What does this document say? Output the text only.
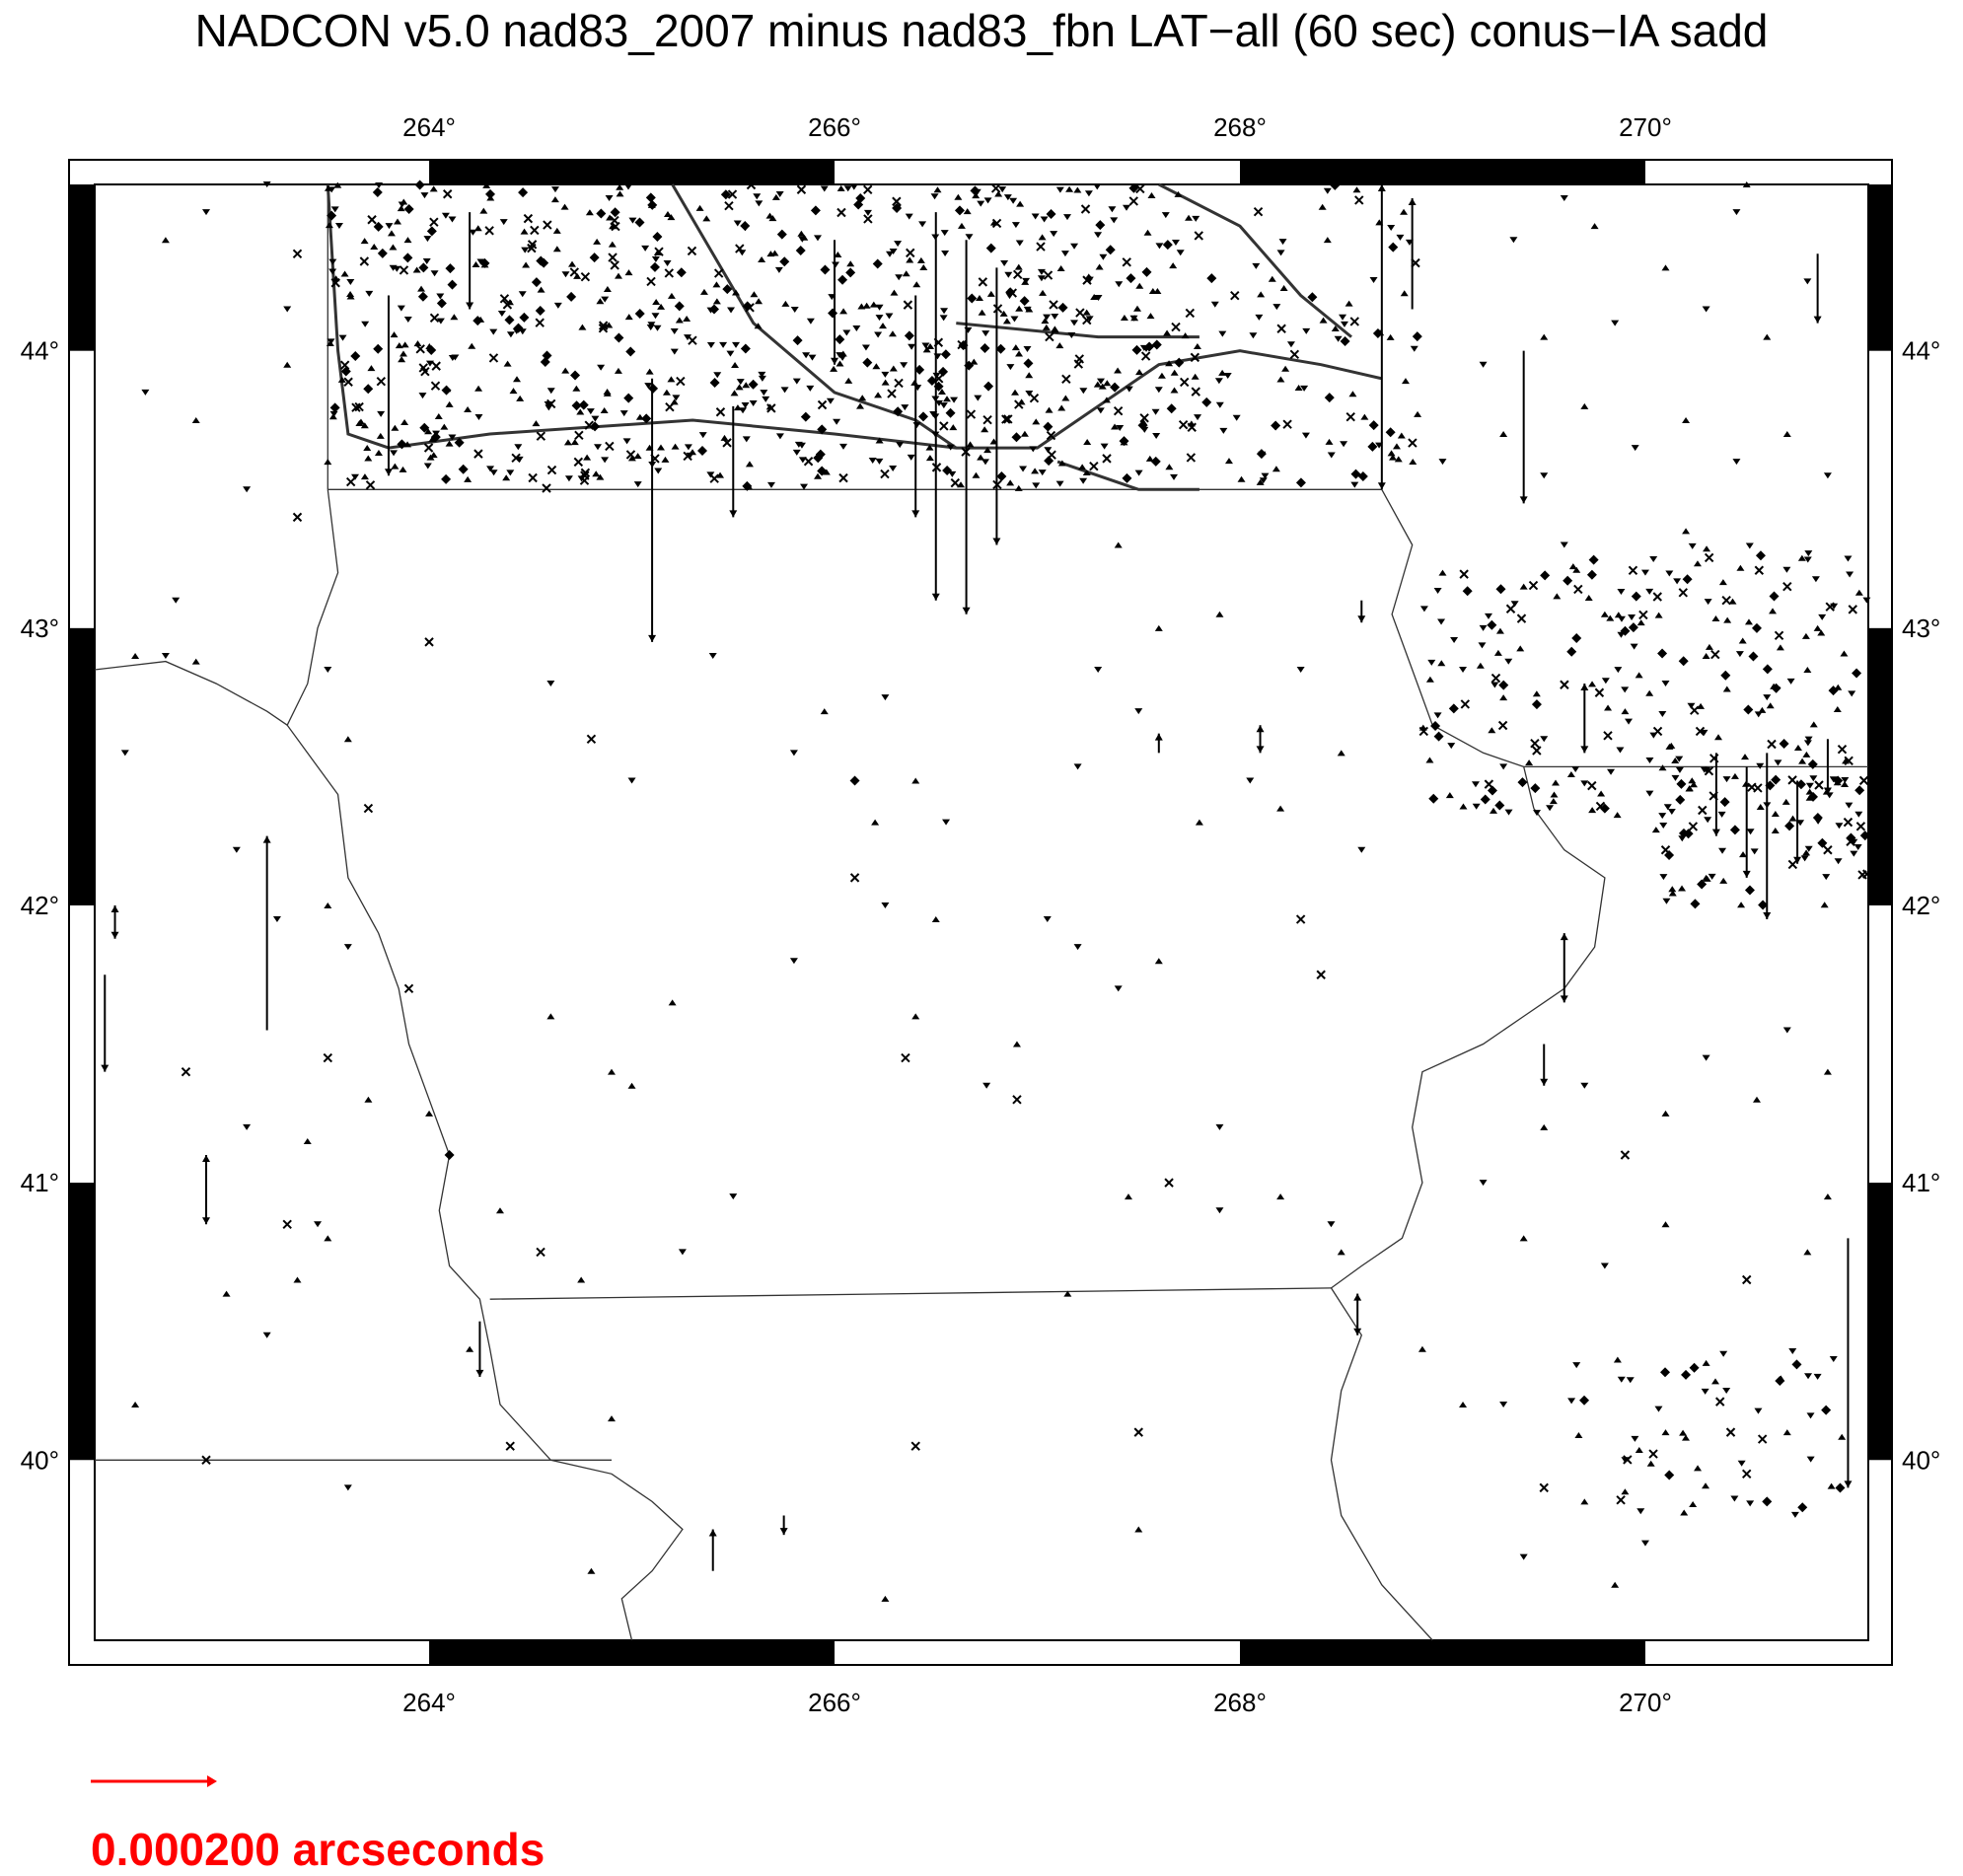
NADCON v5.0 nad83_2007 minus nad83_fbn LAT−all (60 sec) conus−IA sadd
264°
264°
266°
266°
268°
268°
270°
270°
40°	40°
41°	41°
42°	42°
43°	43°
44°	44°
0.000200 arcseconds
